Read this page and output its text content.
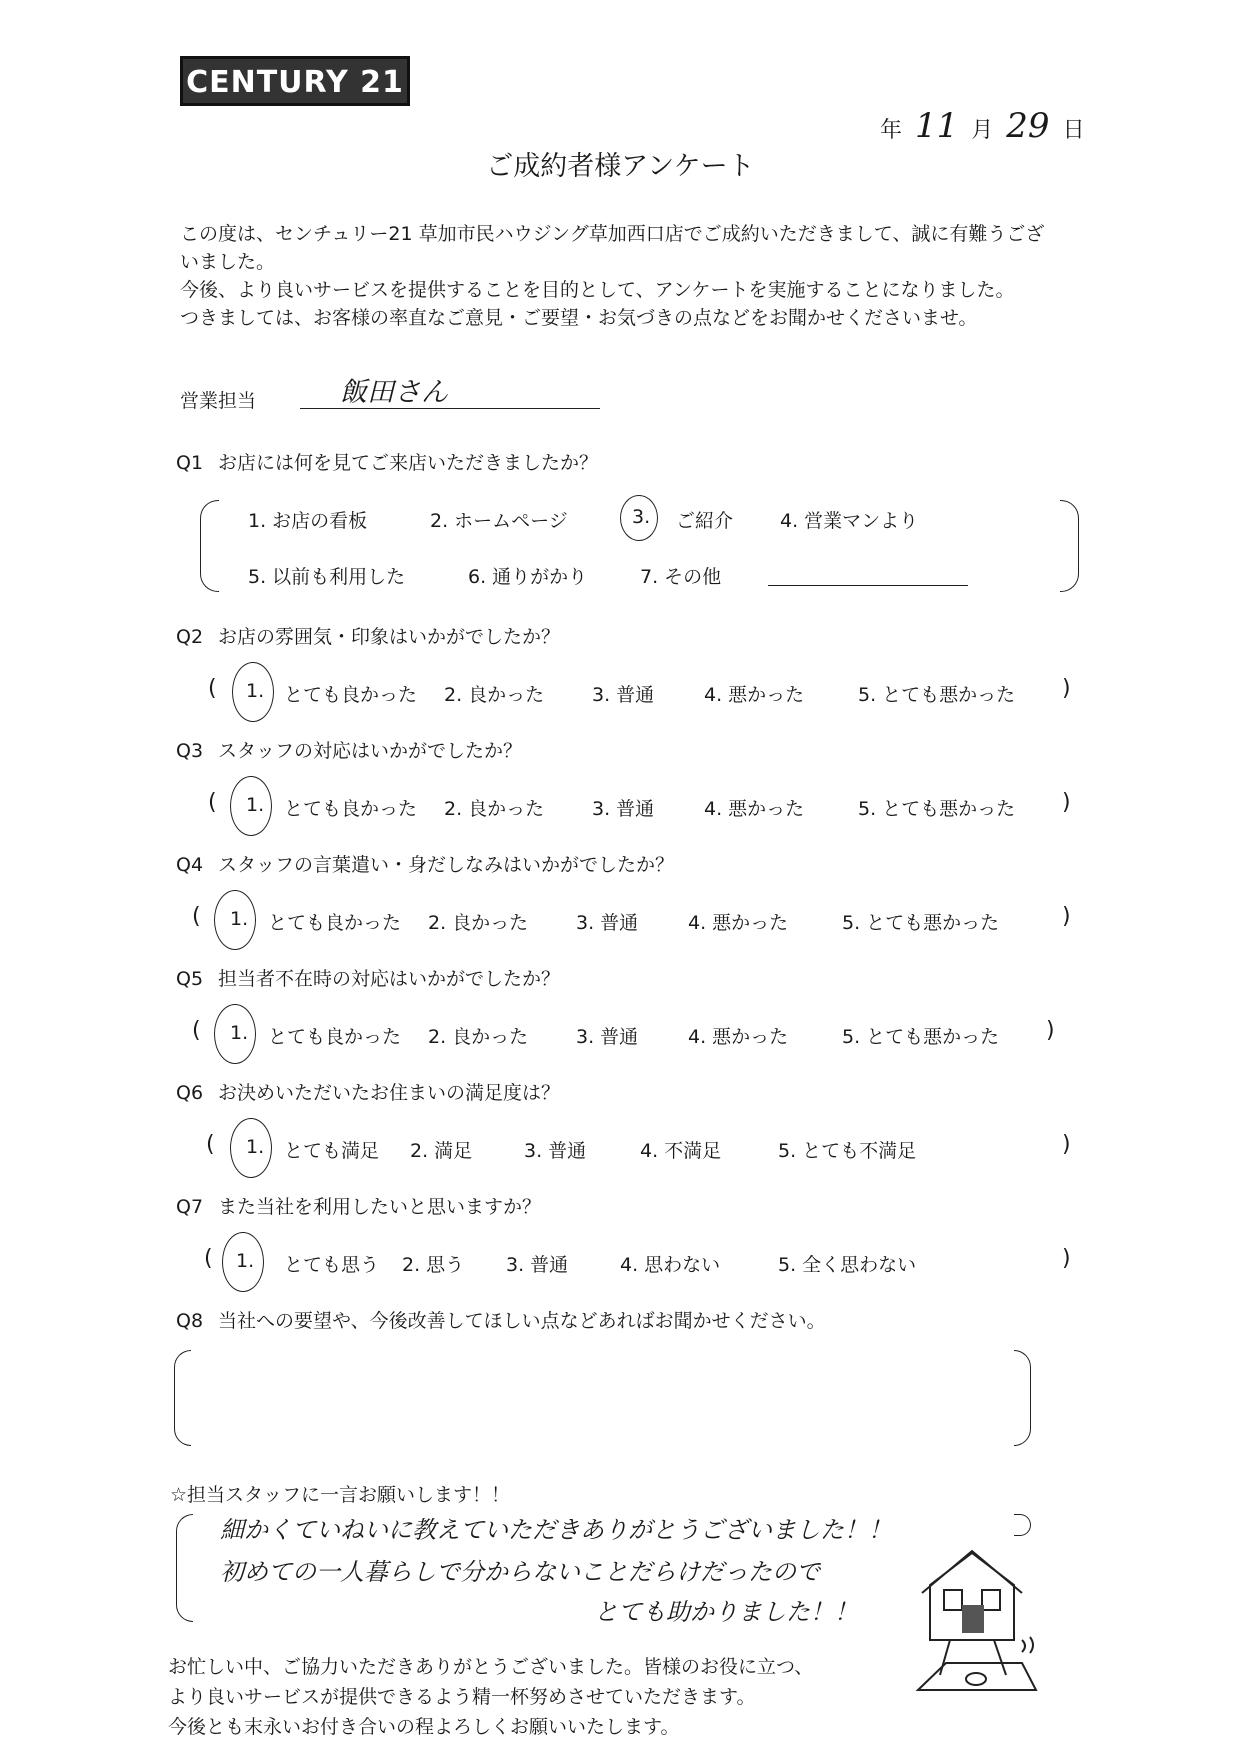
CENTURY 21
年 11 月 29 日
ご成約者様アンケート
この度は、センチュリー21 草加市民ハウジング草加西口店でご成約いただきまして、誠に有難うござ
いました。
今後、より良いサービスを提供することを目的として、アンケートを実施することになりました。
つきましては、お客様の率直なご意見・ご要望・お気づきの点などをお聞かせくださいませ。
営業担当	飯田さん
Q1 お店には何を見てご来店いただきましたか？
1. お店の看板	2. ホームページ	3. ご紹介 4. 営業マンより
5. 以前も利用した	6. 通りがかり	7. その他
Q2 お店の雰囲気・印象はいかがでしたか？
( 1. とても良かった 2. 良かった	3. 普通	4. 悪かった	5. とても悪かった )
Q3 スタッフの対応はいかがでしたか？
( 1. とても良かった 2. 良かった	3. 普通	4. 悪かった	5. とても悪かった )
Q4 スタッフの言葉遣い・身だしなみはいかがでしたか？
( 1. とても良かった 2. 良かった	3. 普通	4. 悪かった	5. とても悪かった	)
Q5 担当者不在時の対応はいかがでしたか？
( 1. とても良かった 2. 良かった	3. 普通	4. 悪かった	5. とても悪かった )
Q6 お決めいただいたお住まいの満足度は？
( 1. とても満足 2. 満足	3. 普通	4. 不満足	5. とても不満足	)
Q7 また当社を利用したいと思いますか？
( 1. とても思う 2. 思う 3. 普通	4. 思わない	5. 全く思わない	)
Q8 当社への要望や、今後改善してほしい点などあればお聞かせください。
☆担当スタッフに一言お願いします！！
細かくていねいに教えていただきありがとうございました！！
初めての一人暮らしで分からないことだらけだったので
とても助かりました！！
お忙しい中、ご協力いただきありがとうございました。皆様のお役に立つ、
より良いサービスが提供できるよう精一杯努めさせていただきます。
今後とも末永いお付き合いの程よろしくお願いいたします。
